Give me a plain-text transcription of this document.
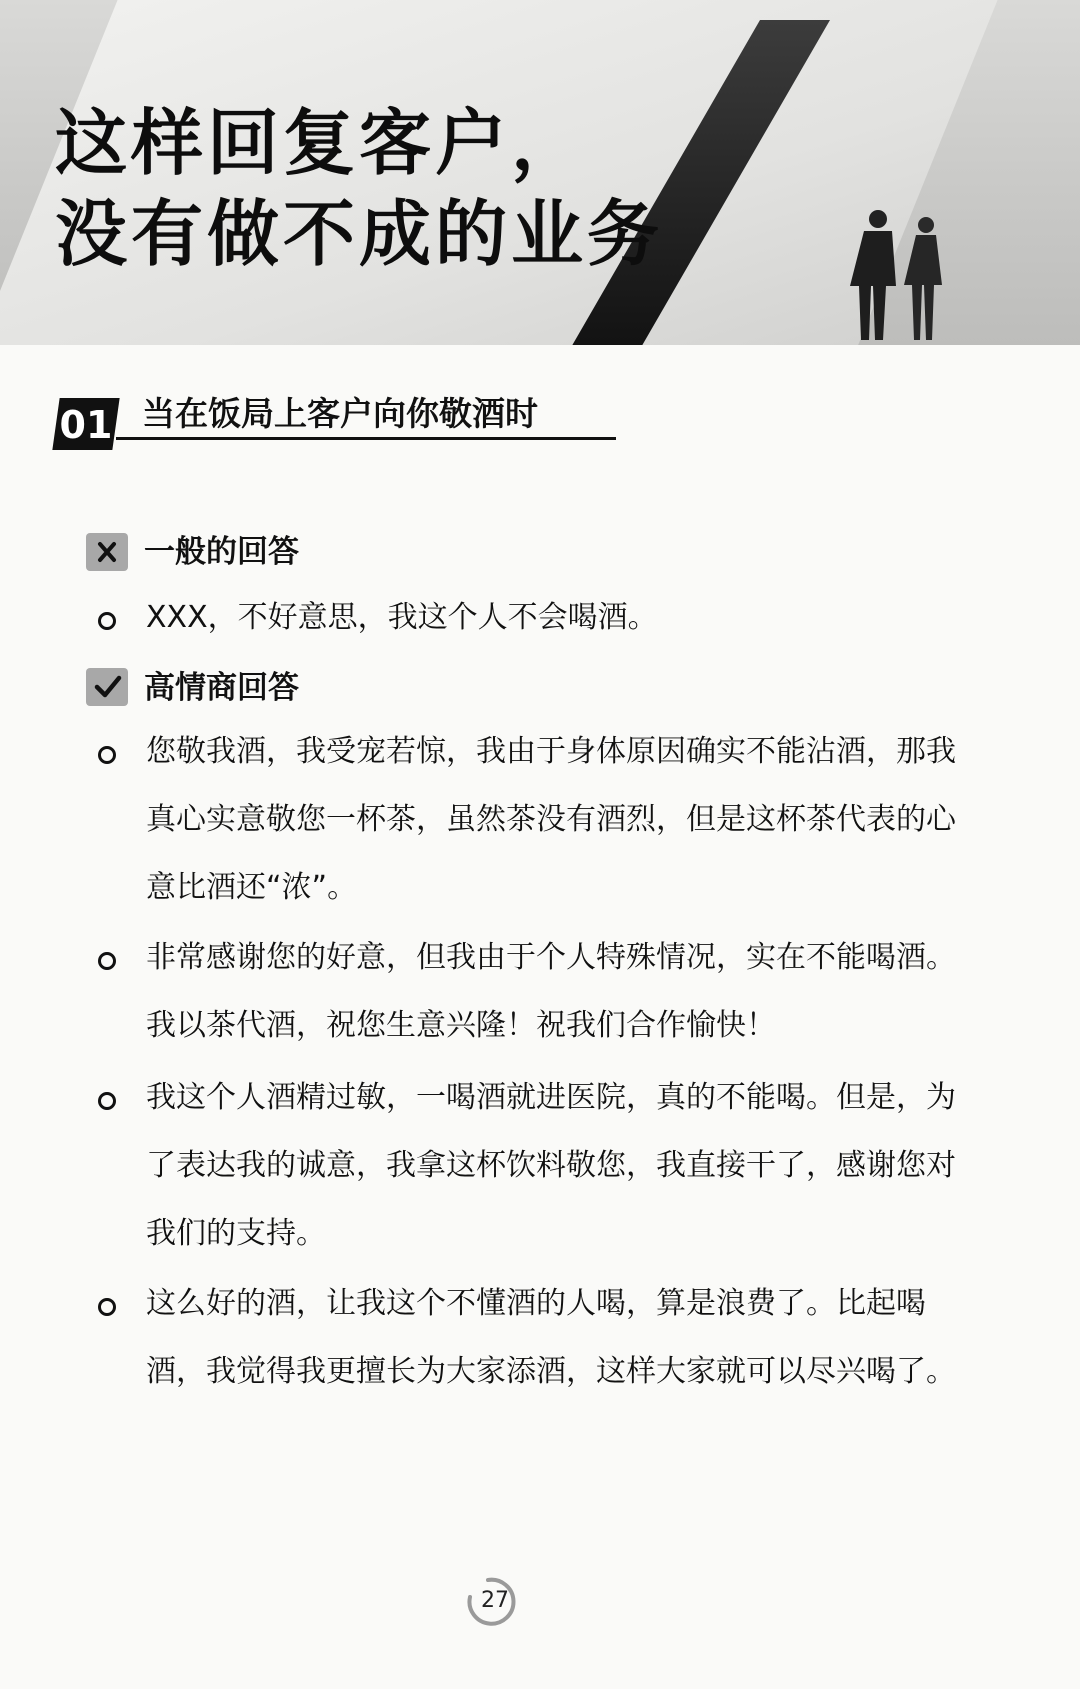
这样回复客户，
没有做不成的业务
01 当在饭局上客户向你敬酒时
一般的回答

XXX，不好意思，我这个人不会喝酒。

高情商回答

您敬我酒，我受宠若惊，我由于身体原因确实不能沾酒，那我真心实意敬您一杯茶，虽然茶没有酒烈，但是这杯茶代表的心意比酒还“浓”。

非常感谢您的好意，但我由于个人特殊情况，实在不能喝酒。我以茶代酒，祝您生意兴隆！祝我们合作愉快！

我这个人酒精过敏，一喝酒就进医院，真的不能喝。但是，为了表达我的诚意，我拿这杯饮料敬您，我直接干了，感谢您对我们的支持。

这么好的酒，让我这个不懂酒的人喝，算是浪费了。比起喝酒，我觉得我更擅长为大家添酒，这样大家就可以尽兴喝了。

27
